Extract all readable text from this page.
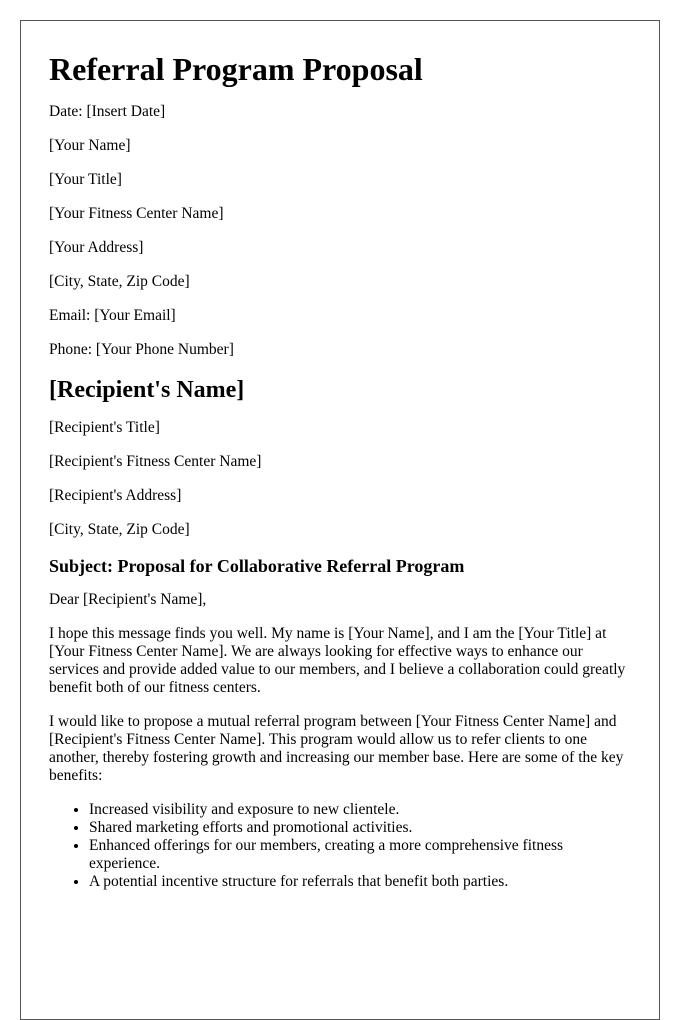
Referral Program Proposal
Date: [Insert Date]
[Your Name]
[Your Title]
[Your Fitness Center Name]
[Your Address]
[City, State, Zip Code]
Email: [Your Email]
Phone: [Your Phone Number]
[Recipient's Name]
[Recipient's Title]
[Recipient's Fitness Center Name]
[Recipient's Address]
[City, State, Zip Code]
Subject: Proposal for Collaborative Referral Program

Dear [Recipient's Name],

I hope this message finds you well. My name is [Your Name], and I am the [Your Title] at [Your Fitness Center Name]. We are always looking for effective ways to enhance our services and provide added value to our members, and I believe a collaboration could greatly benefit both of our fitness centers.

I would like to propose a mutual referral program between [Your Fitness Center Name] and [Recipient's Fitness Center Name]. This program would allow us to refer clients to one another, thereby fostering growth and increasing our member base. Here are some of the key benefits:

• Increased visibility and exposure to new clientele.
• Shared marketing efforts and promotional activities.
• Enhanced offerings for our members, creating a more comprehensive fitness experience.
• A potential incentive structure for referrals that benefit both parties.
